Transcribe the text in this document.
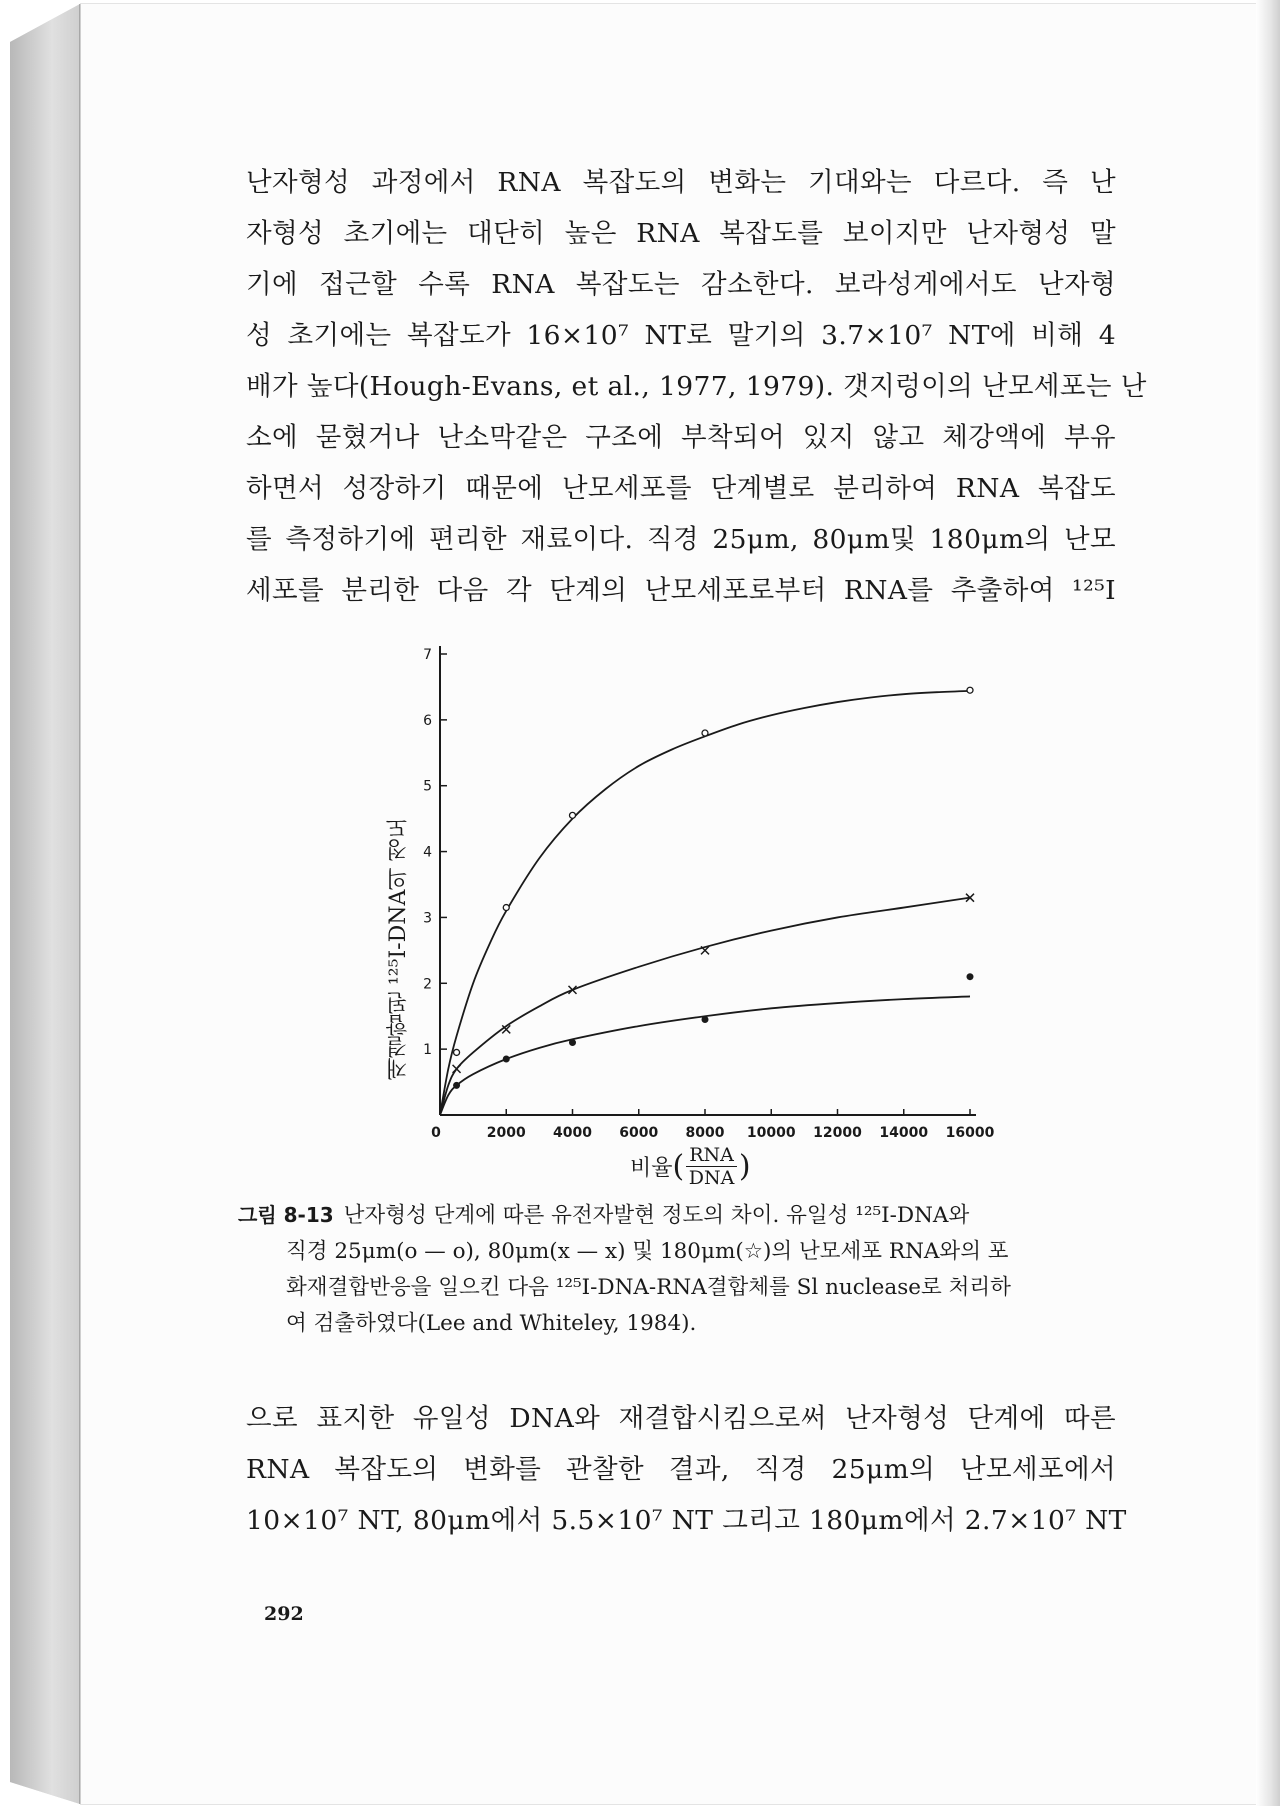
난자형성 과정에서 RNA 복잡도의 변화는 기대와는 다르다. 즉 난
자형성 초기에는 대단히 높은 RNA 복잡도를 보이지만 난자형성 말
기에 접근할 수록 RNA 복잡도는 감소한다. 보라성게에서도 난자형
성 초기에는 복잡도가 16×10⁷ NT로 말기의 3.7×10⁷ NT에 비해 4
배가 높다(Hough-Evans, et al., 1977, 1979). 갯지렁이의 난모세포는 난
소에 묻혔거나 난소막같은 구조에 부착되어 있지 않고 체강액에 부유
하면서 성장하기 때문에 난모세포를 단계별로 분리하여 RNA 복잡도
를 측정하기에 편리한 재료이다. 직경 25μm, 80μm및 180μm의 난모
세포를 분리한 다음 각 단계의 난모세포로부터 RNA를 추출하여 ¹²⁵I
1
2
3
4
5
6
7
0	2000 4000 6000 8000 10000 12000 14000 16000
재결합된 ¹²⁵I-DNA의 정도
비율 ( $\frac{\text{RNA}}{\text{DNA}}$ )
그림 8-13 난자형성 단계에 따른 유전자발현 정도의 차이. 유일성 ¹²⁵I-DNA와
직경 25μm(o — o), 80μm(x — x) 및 180μm(☆)의 난모세포 RNA와의 포
화재결합반응을 일으킨 다음 ¹²⁵I-DNA-RNA결합체를 Sl nuclease로 처리하
여 검출하였다(Lee and Whiteley, 1984).
으로 표지한 유일성 DNA와 재결합시킴으로써 난자형성 단계에 따른
RNA 복잡도의 변화를 관찰한 결과, 직경 25μm의 난모세포에서
10×10⁷ NT, 80μm에서 5.5×10⁷ NT 그리고 180μm에서 2.7×10⁷ NT
292
